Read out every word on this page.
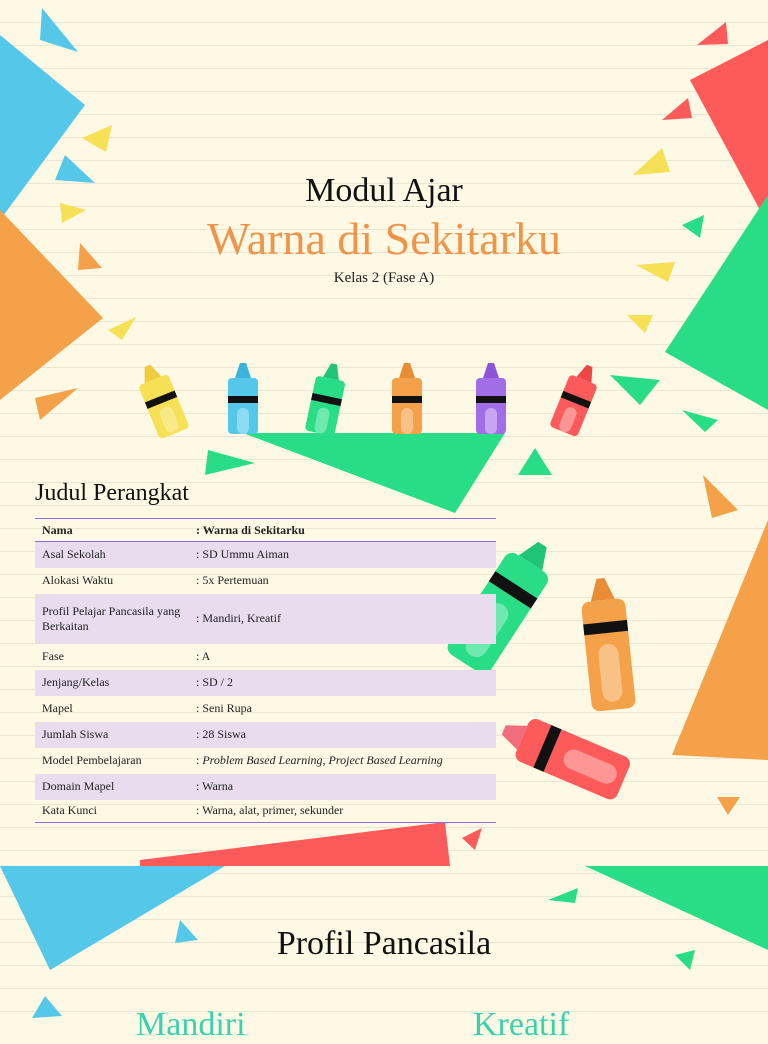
Modul Ajar
Warna di Sekitarku
Kelas 2 (Fase A)
Judul Perangkat
Nama	: Warna di Sekitarku
Asal Sekolah	: SD Ummu Aiman
Alokasi Waktu	: 5x Pertemuan
Profil Pelajar Pancasila yang Berkaitan	: Mandiri, Kreatif
Fase	: A
Jenjang/Kelas	: SD / 2
Mapel	: Seni Rupa
Jumlah Siswa	: 28 Siswa
Model Pembelajaran	: Problem Based Learning, Project Based Learning
Domain Mapel	: Warna
Kata Kunci	: Warna, alat, primer, sekunder
Profil Pancasila
Mandiri	Kreatif
